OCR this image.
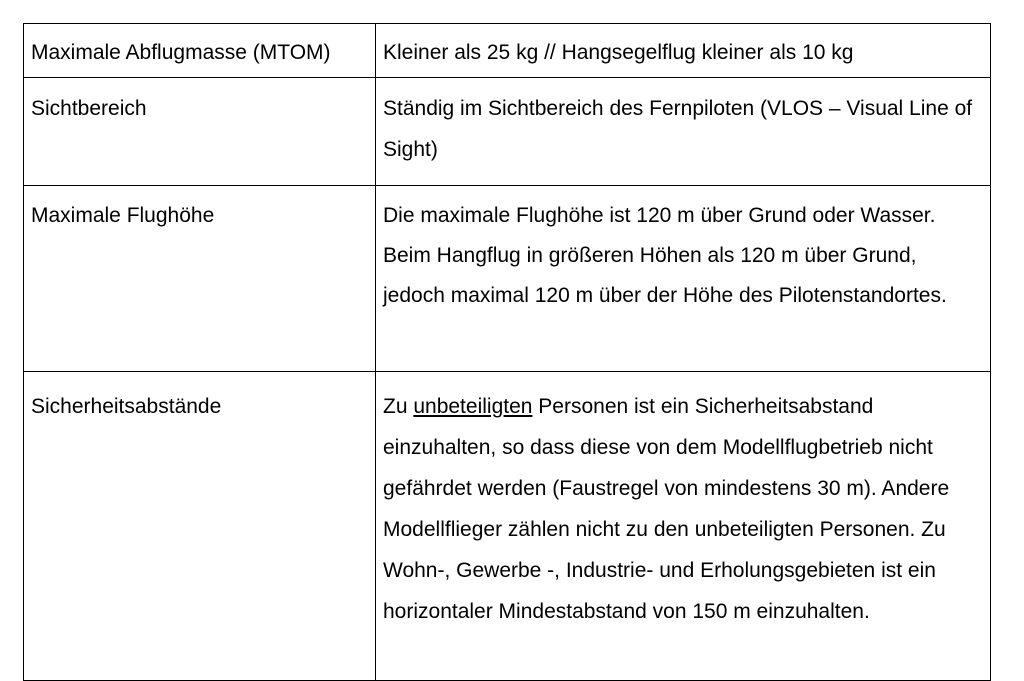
Maximale Abflugmasse (MTOM)	Kleiner als 25 kg // Hangsegelflug kleiner als 10 kg
Sichtbereich	Ständig im Sichtbereich des Fernpiloten (VLOS – Visual Line of Sight)
Maximale Flughöhe	Die maximale Flughöhe ist 120 m über Grund oder Wasser. Beim Hangflug in größeren Höhen als 120 m über Grund, jedoch maximal 120 m über der Höhe des Pilotenstandortes.
Sicherheitsabstände	Zu unbeteiligten Personen ist ein Sicherheitsabstand einzuhalten, so dass diese von dem Modellflugbetrieb nicht gefährdet werden (Faustregel von mindestens 30 m). Andere Modellflieger zählen nicht zu den unbeteiligten Personen. Zu Wohn-, Gewerbe -, Industrie- und Erholungsgebieten ist ein horizontaler Mindestabstand von 150 m einzuhalten.
